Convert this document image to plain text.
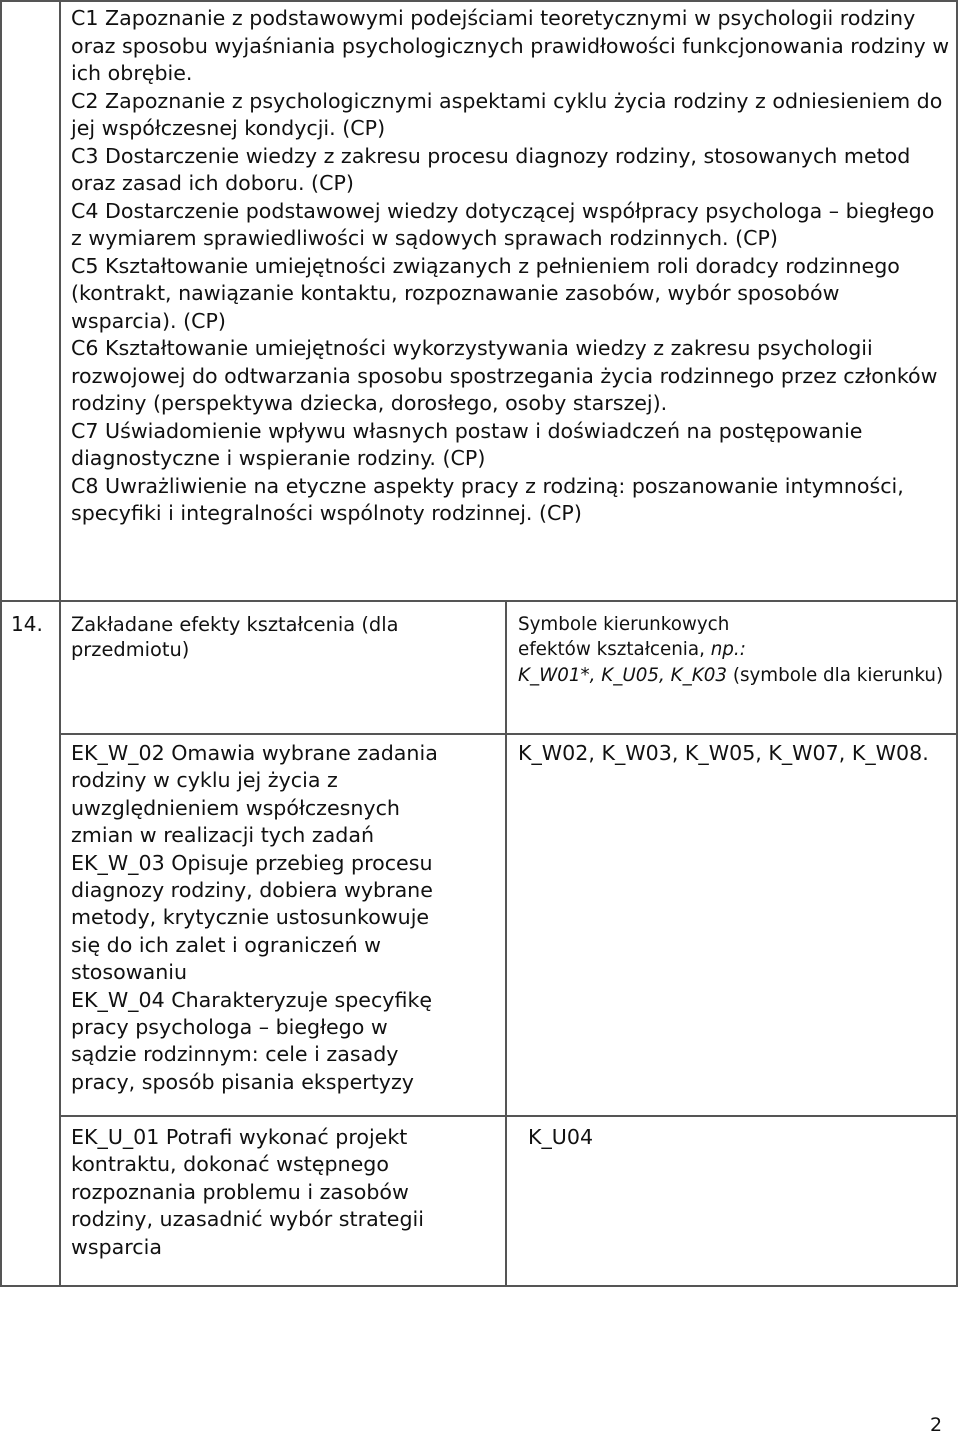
C1 Zapoznanie z podstawowymi podejściami teoretycznymi w psychologii rodziny oraz sposobu wyjaśniania psychologicznych prawidłowości funkcjonowania rodziny w ich obrębie.

C2 Zapoznanie z psychologicznymi aspektami cyklu życia rodziny z odniesieniem do jej współczesnej kondycji. (CP)

C3 Dostarczenie wiedzy z zakresu procesu diagnozy rodziny, stosowanych metod oraz zasad ich doboru. (CP)

C4 Dostarczenie podstawowej wiedzy dotyczącej współpracy psychologa – biegłego z wymiarem sprawiedliwości w sądowych sprawach rodzinnych. (CP)

C5 Kształtowanie umiejętności związanych z pełnieniem roli doradcy rodzinnego (kontrakt, nawiązanie kontaktu, rozpoznawanie zasobów, wybór sposobów wsparcia). (CP)

C6 Kształtowanie umiejętności wykorzystywania wiedzy z zakresu psychologii rozwojowej do odtwarzania sposobu spostrzegania życia rodzinnego przez członków rodziny (perspektywa dziecka, dorosłego, osoby starszej).

C7 Uświadomienie wpływu własnych postaw i doświadczeń na postępowanie diagnostyczne i wspieranie rodziny. (CP)

C8 Uwrażliwienie na etyczne aspekty pracy z rodziną: poszanowanie intymności, specyfiki i integralności wspólnoty rodzinnej. (CP)

14. Zakładane efekty kształcenia (dla przedmiotu)
Symbole kierunkowych
efektów kształcenia, np.:
K_W01*, K_U05, K_K03 (symbole dla kierunku)
EK_W_02 Omawia wybrane zadania
rodziny w cyklu jej życia z
uwzględnieniem współczesnych
zmian w realizacji tych zadań
EK_W_03 Opisuje przebieg procesu
diagnozy rodziny, dobiera wybrane
metody, krytycznie ustosunkowuje
się do ich zalet i ograniczeń w
stosowaniu
EK_W_04 Charakteryzuje specyfikę
pracy psychologa – biegłego w
sądzie rodzinnym: cele i zasady
pracy, sposób pisania ekspertyzy
K_W02, K_W03, K_W05, K_W07, K_W08.
EK_U_01 Potrafi wykonać projekt
kontraktu, dokonać wstępnego
rozpoznania problemu i zasobów
rodziny, uzasadnić wybór strategii
wsparcia
K_U04
2
